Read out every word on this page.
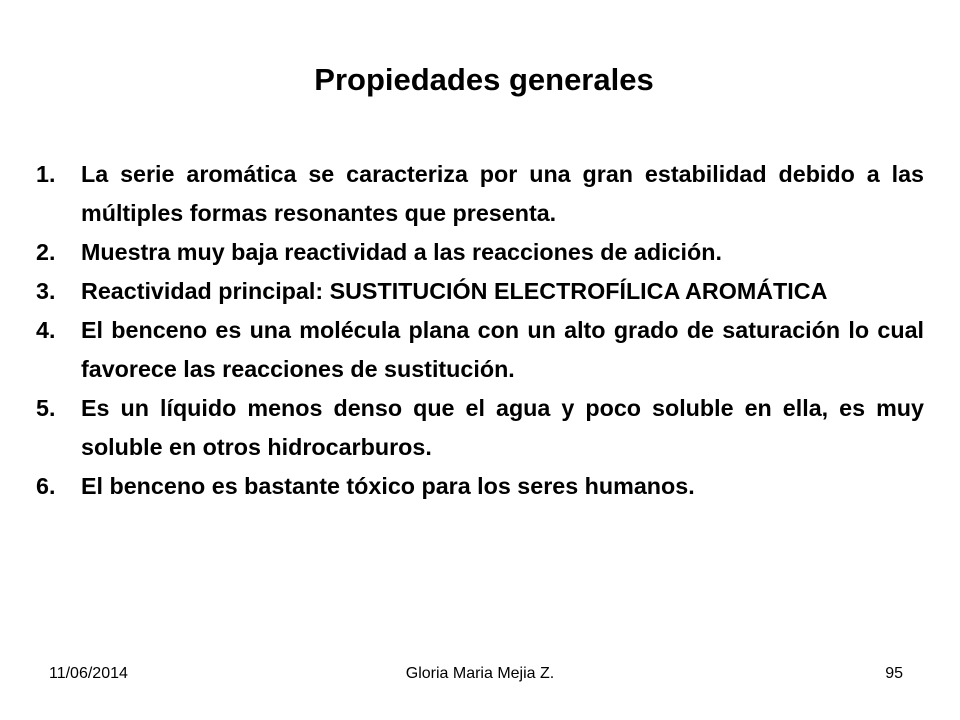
Propiedades generales
1. La serie aromática se caracteriza por una gran estabilidad debido a las múltiples formas resonantes que presenta.
2. Muestra muy baja reactividad a las reacciones de adición.
3. Reactividad principal: SUSTITUCIÓN ELECTROFÍLICA AROMÁTICA
4. El benceno es una molécula plana con un alto grado de saturación lo cual favorece las reacciones de sustitución.
5. Es un líquido menos denso que el agua y poco soluble en ella, es muy soluble en otros hidrocarburos.
6. El benceno es bastante tóxico para los seres humanos.
11/06/2014	Gloria Maria Mejia Z.	95
